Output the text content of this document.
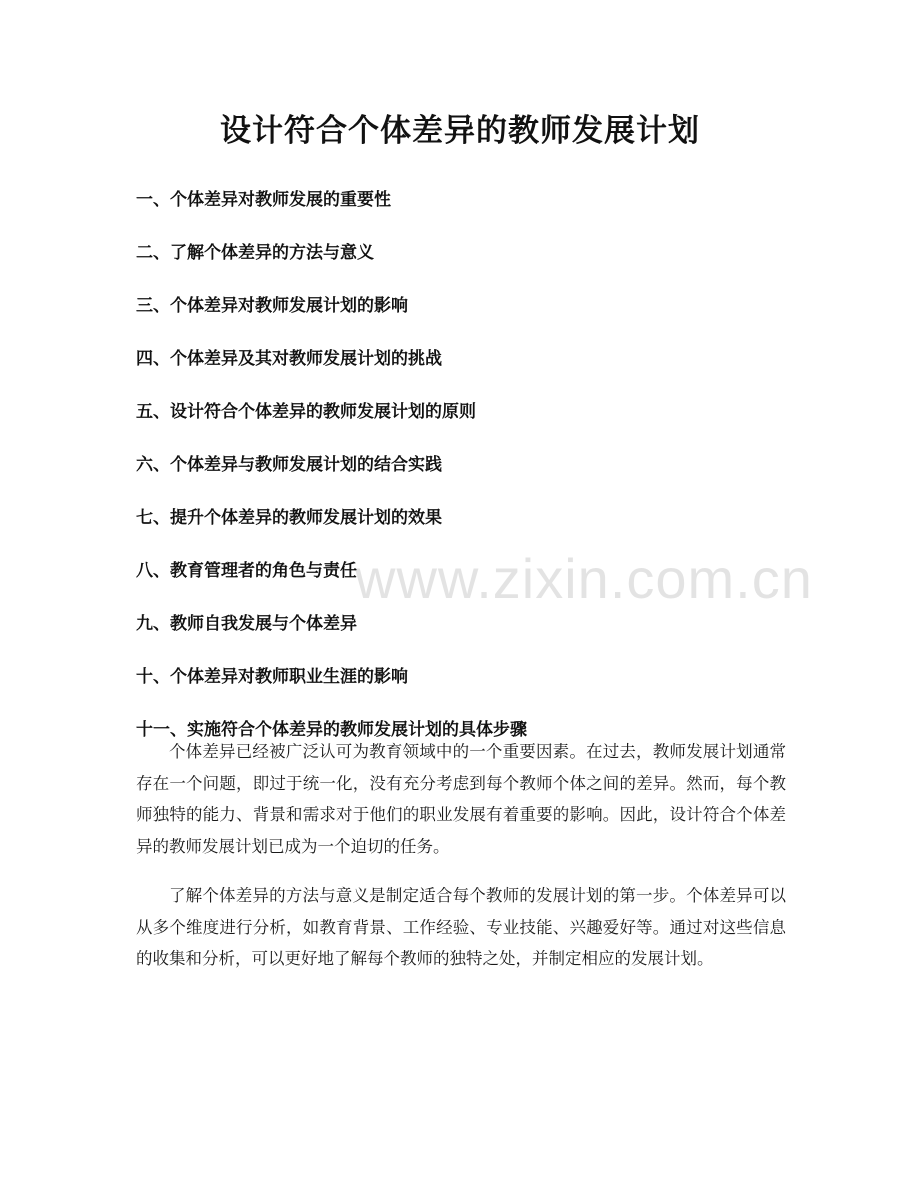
设计符合个体差异的教师发展计划
一、个体差异对教师发展的重要性
二、了解个体差异的方法与意义
三、个体差异对教师发展计划的影响
四、个体差异及其对教师发展计划的挑战
五、设计符合个体差异的教师发展计划的原则
六、个体差异与教师发展计划的结合实践
七、提升个体差异的教师发展计划的效果
八、教育管理者的角色与责任
九、教师自我发展与个体差异
十、个体差异对教师职业生涯的影响
十一、实施符合个体差异的教师发展计划的具体步骤

个体差异已经被广泛认可为教育领域中的一个重要因素。在过去，教师发展计划通常存在一个问题，即过于统一化，没有充分考虑到每个教师个体之间的差异。然而，每个教师独特的能力、背景和需求对于他们的职业发展有着重要的影响。因此，设计符合个体差异的教师发展计划已成为一个迫切的任务。

了解个体差异的方法与意义是制定适合每个教师的发展计划的第一步。个体差异可以从多个维度进行分析，如教育背景、工作经验、专业技能、兴趣爱好等。通过对这些信息的收集和分析，可以更好地了解每个教师的独特之处，并制定相应的发展计划。

www.zixin.com.cn
